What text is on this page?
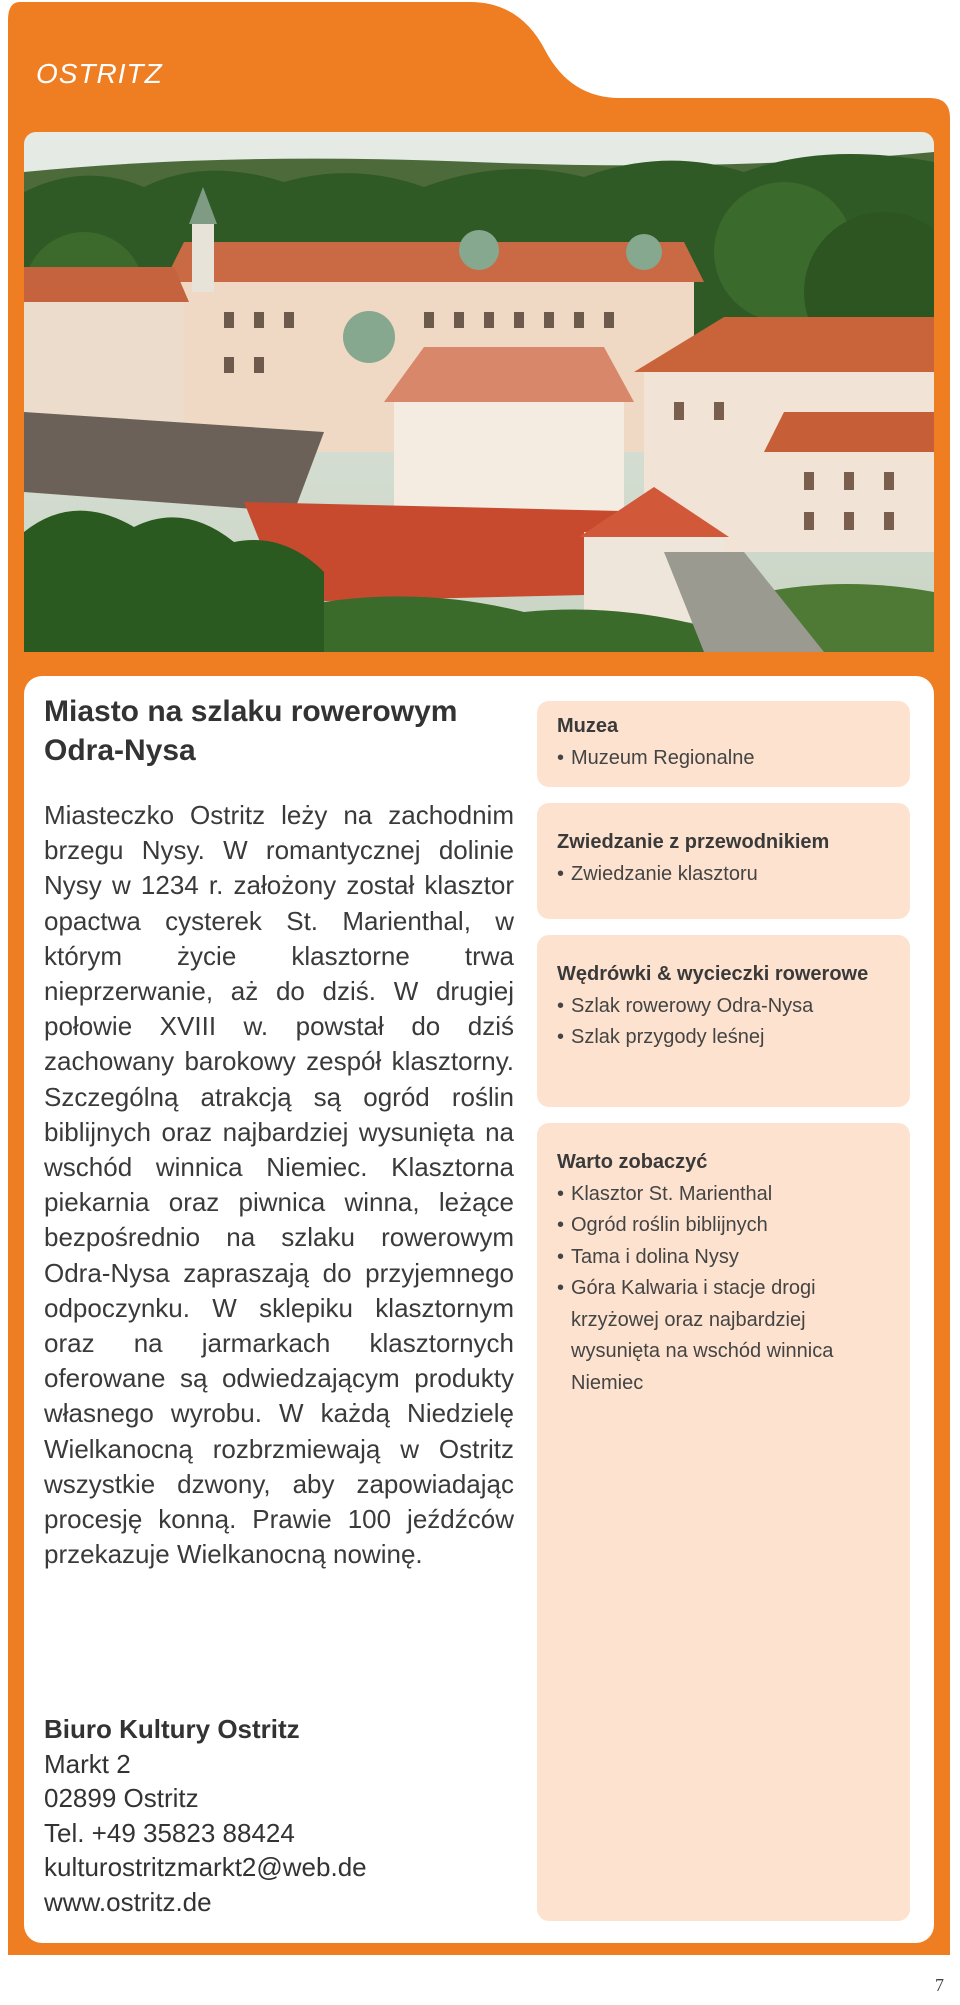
OSTRITZ
Miasto na szlaku rowerowym Odra-Nysa
Miasteczko Ostritz leży na zachodnim brzegu Nysy. W romantycznej dolinie Nysy w 1234 r. założony został klasztor opactwa cysterek St. Marienthal, w którym życie klasztorne trwa nieprzerwanie, aż do dziś. W drugiej połowie XVIII w. powstał do dziś zachowany barokowy zespół klasztorny. Szczególną atrakcją są ogród roślin biblijnych oraz najbardziej wysunięta na wschód winnica Niemiec. Klasztorna piekarnia oraz piwnica winna, leżące bezpośrednio na szlaku rowerowym Odra-Nysa zapraszają do przyjemnego odpoczynku. W sklepiku klasztornym oraz na jarmarkach klasztornych oferowane są odwiedzającym produkty własnego wyrobu. W każdą Niedzielę Wielkanocną rozbrzmiewają w Ostritz wszystkie dzwony, aby zapowiadając procesję konną. Prawie 100 jeźdźców przekazuje Wielkanocną nowinę.
Biuro Kultury Ostritz
Markt 2
02899 Ostritz
Tel. +49 35823 88424
kulturostritzmarkt2@web.de
www.ostritz.de
Muzea
• Muzeum Regionalne
Zwiedzanie z przewodnikiem
• Zwiedzanie klasztoru
Wędrówki & wycieczki rowerowe
• Szlak rowerowy Odra-Nysa
• Szlak przygody leśnej
Warto zobaczyć
• Klasztor St. Marienthal
• Ogród roślin biblijnych
• Tama i dolina Nysy
• Góra Kalwaria i stacje drogi krzyżowej oraz najbardziej wysunięta na wschód winnica Niemiec
7
